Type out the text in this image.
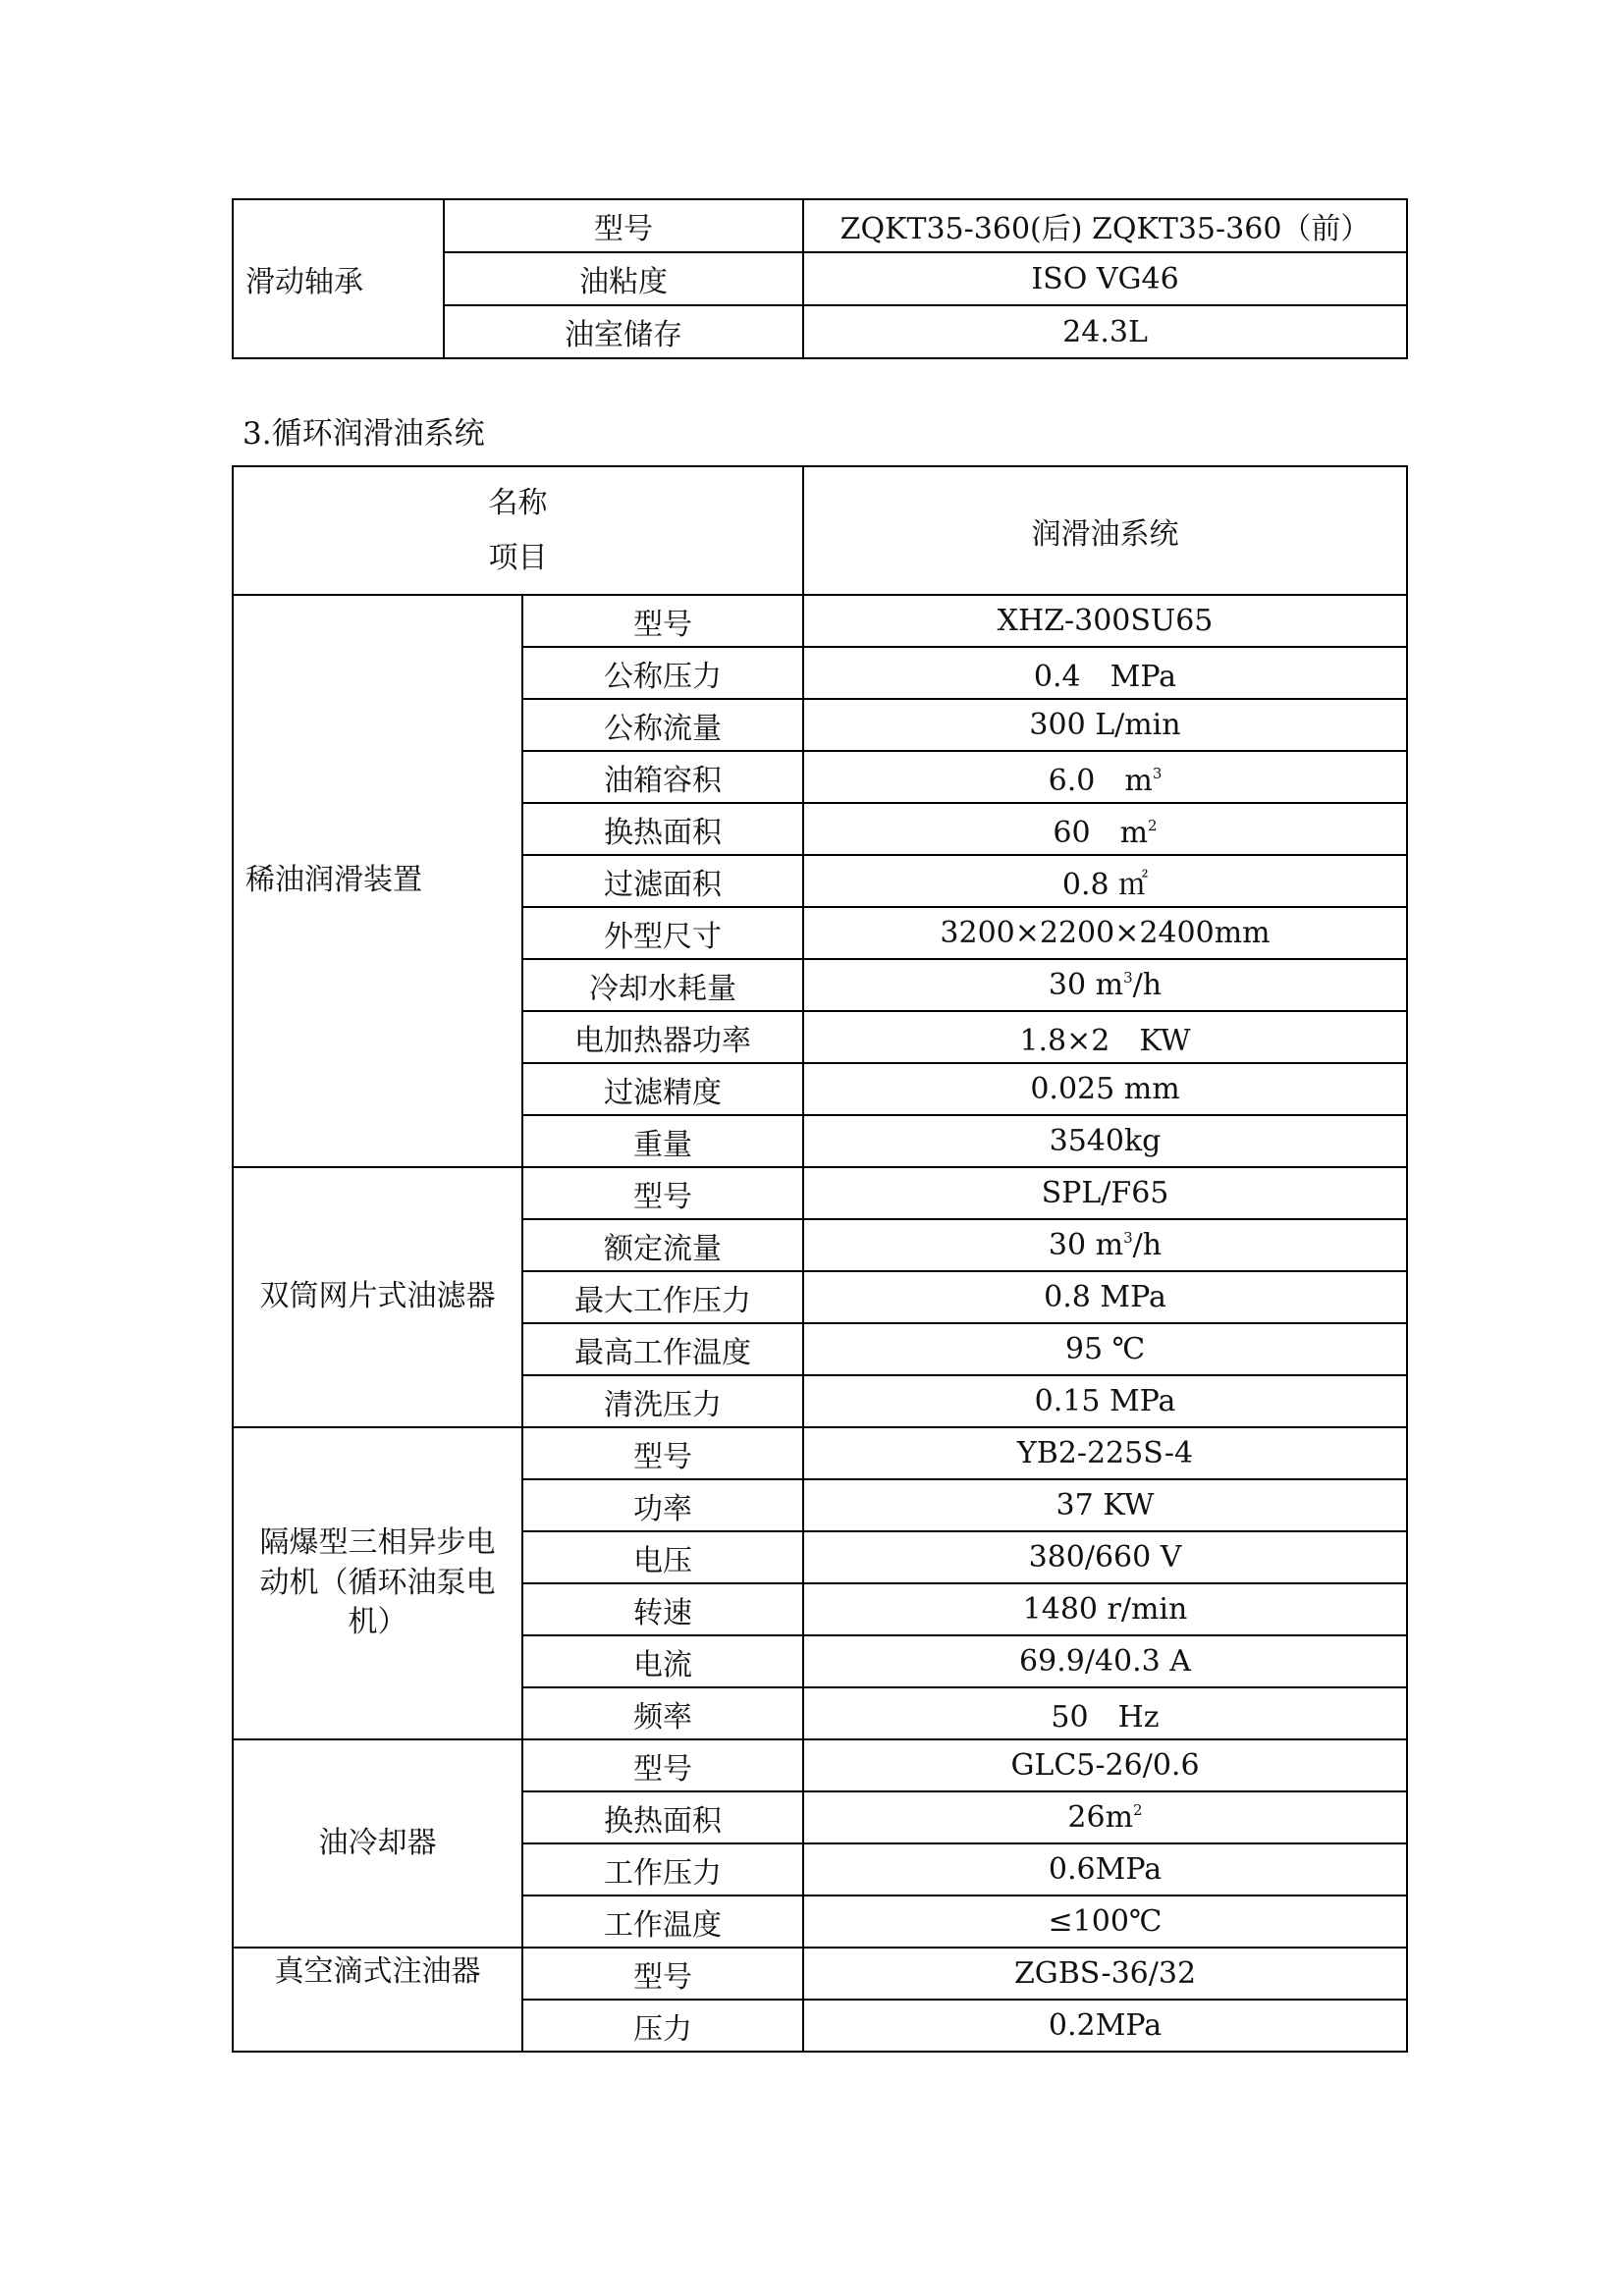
滑动轴承	型号	ZQKT35-360(后) ZQKT35-360（前）
	油粘度	ISO VG46
	油室储存	24.3L
3.循环润滑油系统
名称
项目		润滑油系统
稀油润滑装置	型号	XHZ-300SU65
	公称压力	0.4　MPa
	公称流量	300 L/min
	油箱容积	6.0　$m^3$
	换热面积	60　$m^2$
	过滤面积	0.8 ㎡
	外型尺寸	3200×2200×2400mm
	冷却水耗量	30 $m^3/h$
	电加热器功率	1.8×2　KW
	过滤精度	0.025 mm
	重量	3540kg
双筒网片式油滤器	型号	SPL/F65
	额定流量	30 $m^3/h$
	最大工作压力	0.8 MPa
	最高工作温度	95 ℃
	清洗压力	0.15 MPa
隔爆型三相异步电动机（循环油泵电机）	型号	YB2-225S-4
	功率	37 KW
	电压	380/660 V
	转速	1480 r/min
	电流	69.9/40.3 A
	频率	50　Hz
油冷却器	型号	GLC5-26/0.6
	换热面积	$26m^2$
	工作压力	0.6MPa
	工作温度	≤100℃
真空滴式注油器	型号	ZGBS-36/32
	压力	0.2MPa
